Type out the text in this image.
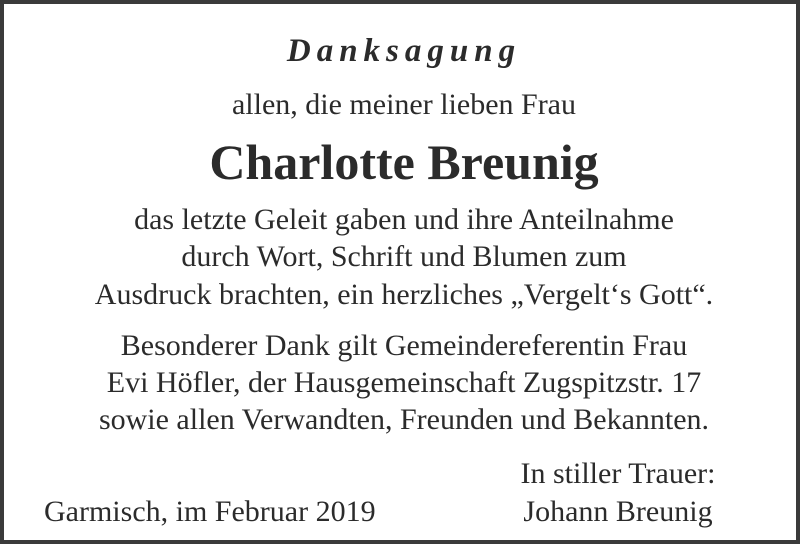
Danksagung
allen, die meiner lieben Frau
Charlotte Breunig
das letzte Geleit gaben und ihre Anteilnahme
durch Wort, Schrift und Blumen zum
Ausdruck brachten, ein herzliches „Vergelt‘s Gott“.
Besonderer Dank gilt Gemeindereferentin Frau
Evi Höfler, der Hausgemeinschaft Zugspitzstr. 17
sowie allen Verwandten, Freunden und Bekannten.
Garmisch, im Februar 2019
In stiller Trauer:
Johann Breunig
